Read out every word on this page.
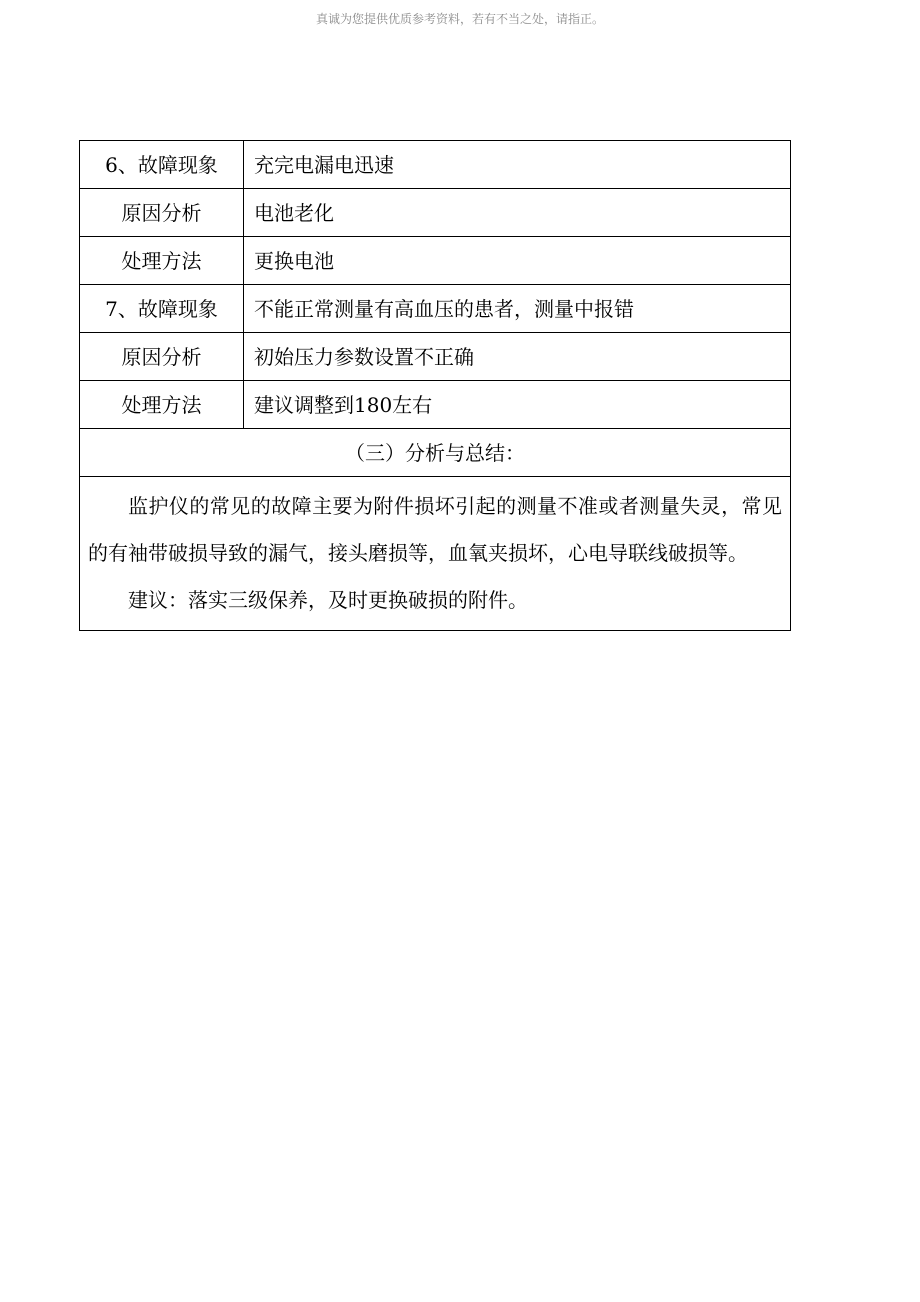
真诚为您提供优质参考资料，若有不当之处，请指正。
6、故障现象	充完电漏电迅速
原因分析	电池老化
处理方法	更换电池
7、故障现象	不能正常测量有高血压的患者，测量中报错
原因分析	初始压力参数设置不正确
处理方法	建议调整到180左右
（三）分析与总结：	

监护仪的常见的故障主要为附件损坏引起的测量不准或者测量失灵，常见的有袖带破损导致的漏气，接头磨损等，血氧夹损坏，心电导联线破损等。

建议：落实三级保养，及时更换破损的附件。	
